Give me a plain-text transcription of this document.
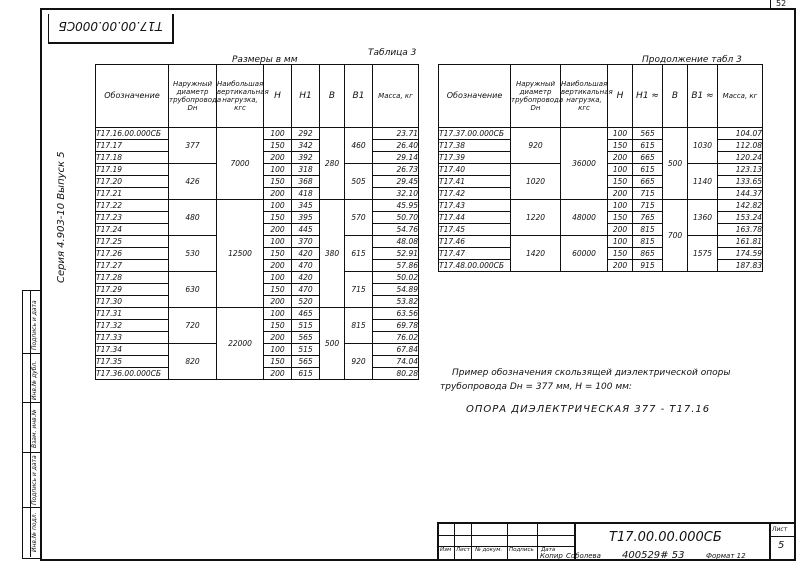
52
Т17.00.00.000СБ
Серия 4.903-10 Выпуск 5
Инв.№ подл.
Подпись и дата
Взам. инв.№
Инв.№ дубл.
Подпись и дата
Размеры в мм
Таблица 3
Обозначение	Наружный диаметр трубопровода Dн	Наибольшая вертикальная нагрузка, кгс	Н	Н1	В	В1	Масса, кг
Т17.16.00.000СБ	377	7000	100	292	280	460	23.71
Т17.17			150	342			26.40
Т17.18			200	392			29.14
Т17.19	426		100	318		505	26.73
Т17.20			150	368			29.45
Т17.21			200	418			32.10
Т17.22	480	12500	100	345	380	570	45.95
Т17.23			150	395			50.70
Т17.24			200	445			54.76
Т17.25	530		100	370		615	48.08
Т17.26			150	420			52.91
Т17.27			200	470			57.86
Т17.28	630		100	420		715	50.02
Т17.29			150	470			54.89
Т17.30			200	520			53.82
Т17.31	720	22000	100	465	500	815	63.56
Т17.32			150	515			69.78
Т17.33			200	565			76.02
Т17.34	820		100	515		920	67.84
Т17.35			150	565			74.04
Т17.36.00.000СБ			200	615			80.28
Продолжение табл 3
Обозначение	Наружный диаметр трубопровода Dн	Наибольшая вертикальная нагрузка, кгс	Н	Н1 ≈	В	В1 ≈	Масса, кг
Т17.37.00.000СБ	920	36000	100	565	500	1030	104.07
Т17.38			150	615			112.08
Т17.39			200	665			120.24
Т17.40	1020		100	615		1140	123.13
Т17.41			150	665			133.65
Т17.42			200	715			144.37
Т17.43	1220	48000	100	715	700	1360	142.82
Т17.44			150	765			153.24
Т17.45			200	815			163.78
Т17.46	1420	60000	100	815		1575	161.81
Т17.47			150	865			174.59
Т17.48.00.000СБ			200	915			187.83
Пример обозначения скользящей диэлектрической опоры
трубопровода Dн = 377 мм, Н = 100 мм:
ОПОРА ДИЭЛЕКТРИЧЕСКАЯ 377 - Т17.16
Изм Лист № докум. Подпись Дата
Т17.00.00.000СБ
Лист
5
Копир Соболева 400529# 53	Формат 12
